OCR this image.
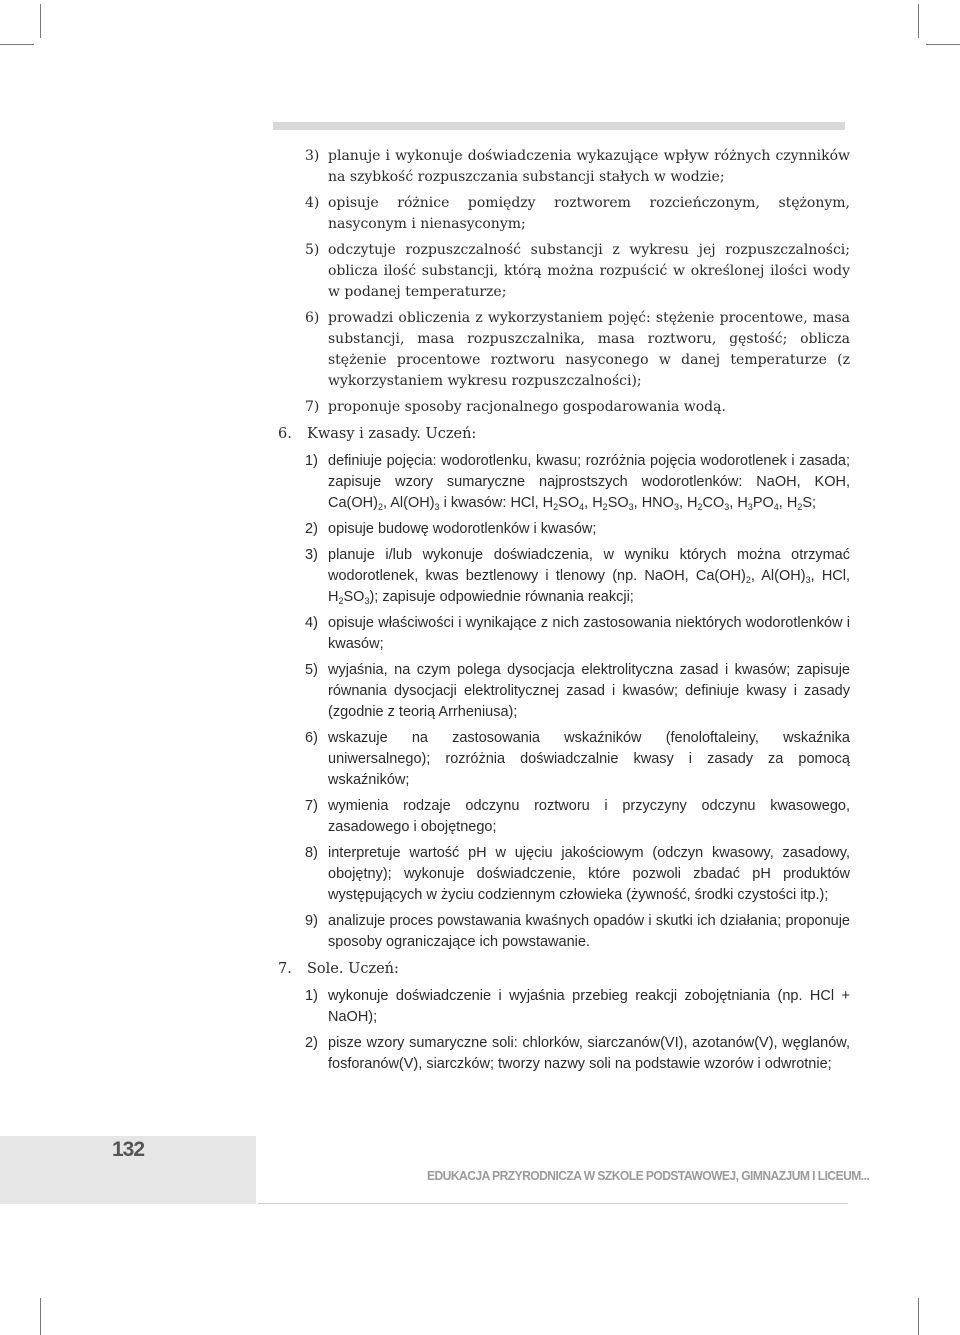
3) planuje i wykonuje doświadczenia wykazujące wpływ różnych czynników na szybkość rozpuszczania substancji stałych w wodzie;
4) opisuje różnice pomiędzy roztworem rozcieńczonym, stężonym, nasyconym i nienasyconym;
5) odczytuje rozpuszczalność substancji z wykresu jej rozpuszczalności; oblicza ilość substancji, którą można rozpuścić w określonej ilości wody w podanej temperaturze;
6) prowadzi obliczenia z wykorzystaniem pojęć: stężenie procentowe, masa substancji, masa rozpuszczalnika, masa roztworu, gęstość; oblicza stężenie procentowe roztworu nasyconego w danej temperaturze (z wykorzystaniem wykresu rozpuszczalności);
7) proponuje sposoby racjonalnego gospodarowania wodą.
6. Kwasy i zasady. Uczeń:
1) definiuje pojęcia: wodorotlenku, kwasu; rozróżnia pojęcia wodorotlenek i zasada; zapisuje wzory sumaryczne najprostszych wodorotlenków: NaOH, KOH, $Ca(OH)_2$, $Al(OH)_3$ i kwasów: HCl, $H_2SO_4$, $H_2SO_3$, $HNO_3$, $H_2CO_3$, $H_3PO_4$, $H_2S$;
2) opisuje budowę wodorotlenków i kwasów;
3) planuje i/lub wykonuje doświadczenia, w wyniku których można otrzymać wodorotlenek, kwas beztlenowy i tlenowy (np. NaOH, $Ca(OH)_2$, $Al(OH)_3$, HCl, $H_2SO_3$); zapisuje odpowiednie równania reakcji;
4) opisuje właściwości i wynikające z nich zastosowania niektórych wodorotlenków i kwasów;
5) wyjaśnia, na czym polega dysocjacja elektrolityczna zasad i kwasów; zapisuje równania dysocjacji elektrolitycznej zasad i kwasów; definiuje kwasy i zasady (zgodnie z teorią Arrheniusa);
6) wskazuje na zastosowania wskaźników (fenoloftaleiny, wskaźnika uniwersalnego); rozróżnia doświadczalnie kwasy i zasady za pomocą wskaźników;
7) wymienia rodzaje odczynu roztworu i przyczyny odczynu kwasowego, zasadowego i obojętnego;
8) interpretuje wartość pH w ujęciu jakościowym (odczyn kwasowy, zasadowy, obojętny); wykonuje doświadczenie, które pozwoli zbadać pH produktów występujących w życiu codziennym człowieka (żywność, środki czystości itp.);
9) analizuje proces powstawania kwaśnych opadów i skutki ich działania; proponuje sposoby ograniczające ich powstawanie.
7. Sole. Uczeń:
1) wykonuje doświadczenie i wyjaśnia przebieg reakcji zobojętniania (np. HCl + NaOH);
2) pisze wzory sumaryczne soli: chlorków, siarczanów(VI), azotanów(V), węglanów, fosforanów(V), siarczków; tworzy nazwy soli na podstawie wzorów i odwrotnie;
132
EDUKACJA PRZYRODNICZA W SZKOLE PODSTAWOWEJ, GIMNAZJUM I LICEUM...
